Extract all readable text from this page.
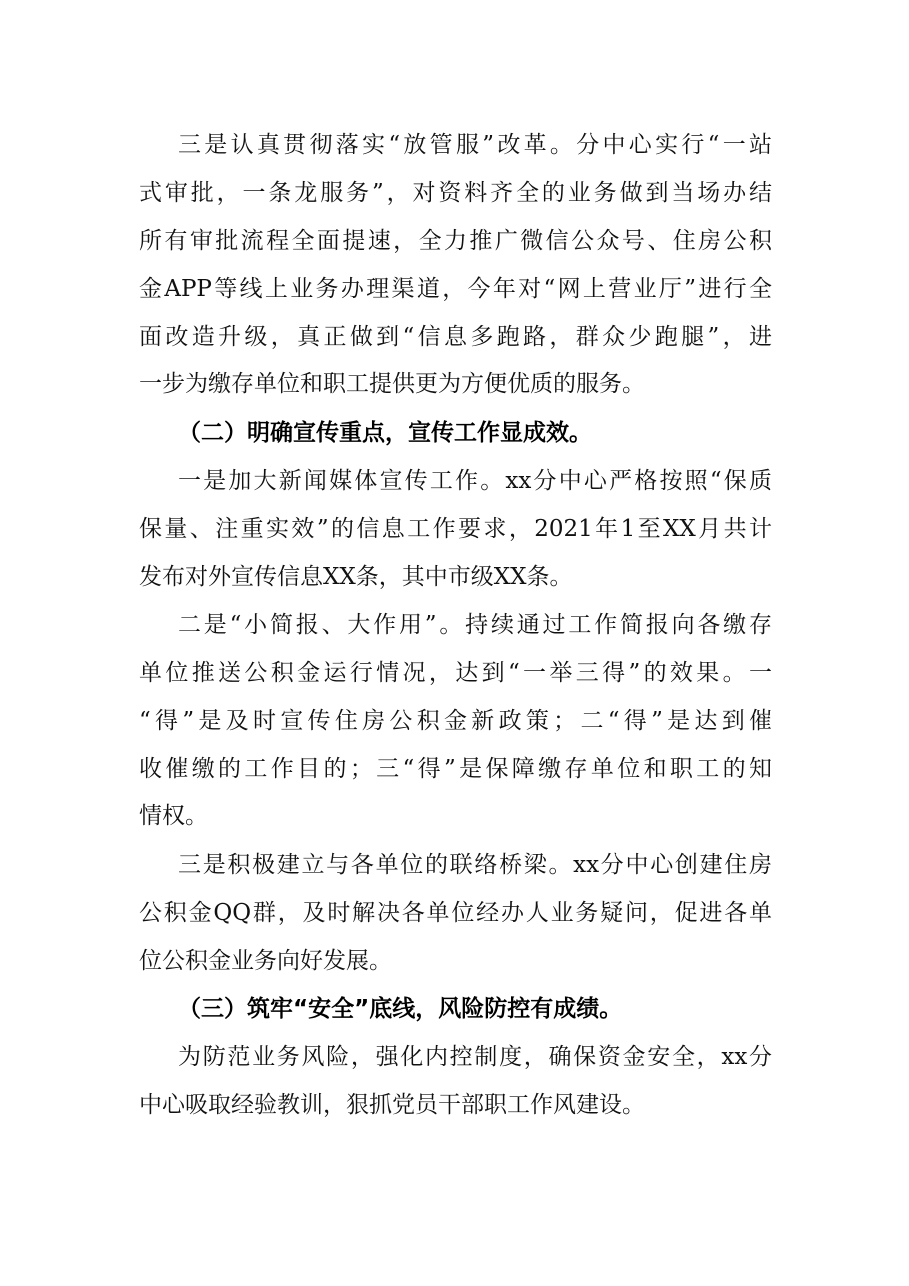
三是认真贯彻落实“放管服”改革。分中心实行“一站
式审批，一条龙服务”，对资料齐全的业务做到当场办结
所有审批流程全面提速，全力推广微信公众号、住房公积
金APP等线上业务办理渠道，今年对“网上营业厅”进行全
面改造升级，真正做到“信息多跑路，群众少跑腿”，进
一步为缴存单位和职工提供更为方便优质的服务。
（二）明确宣传重点，宣传工作显成效。
一是加大新闻媒体宣传工作。xx分中心严格按照“保质
保量、注重实效”的信息工作要求，2021年1至XX月共计
发布对外宣传信息XX条，其中市级XX条。
二是“小简报、大作用”。持续通过工作简报向各缴存
单位推送公积金运行情况，达到“一举三得”的效果。一
“得”是及时宣传住房公积金新政策；二“得”是达到催
收催缴的工作目的；三“得”是保障缴存单位和职工的知
情权。
三是积极建立与各单位的联络桥梁。xx分中心创建住房
公积金QQ群，及时解决各单位经办人业务疑问，促进各单
位公积金业务向好发展。
（三）筑牢“安全”底线，风险防控有成绩。
为防范业务风险，强化内控制度，确保资金安全，xx分
中心吸取经验教训，狠抓党员干部职工作风建设。
